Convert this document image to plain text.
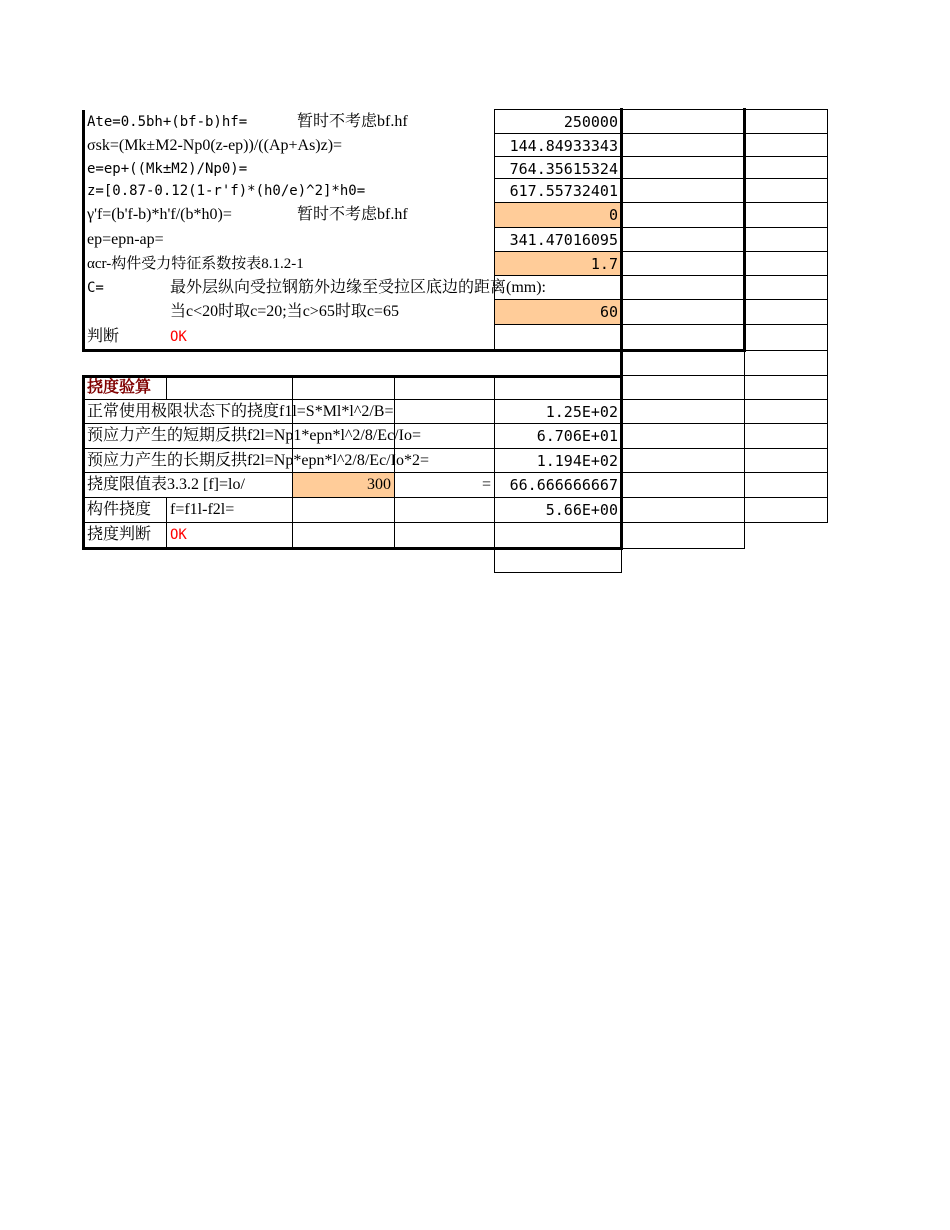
Ate=0.5bh+(bf-b)hf=	暂时不考虑bf.hf	250000
σsk=(Mk±M2-Np0(z-ep))/((Ap+As)z)=	144.84933343
e=ep+((Mk±M2)/Np0)=	764.35615324
z=[0.87-0.12(1-r'f)*(h0/e)^2]*h0=	617.55732401
γ'f=(b'f-b)*h'f/(b*h0)=	暂时不考虑bf.hf	0
ep=epn-ap=	341.47016095
αcr-构件受力特征系数按表8.1.2-1	1.7
C=	最外层纵向受拉钢筋外边缘至受拉区底边的距离(mm):
当c<20时取c=20;当c>65时取c=65	60
判断	OK
挠度验算
正常使用极限状态下的挠度f1l=S*Ml*l^2/B=	1.25E+02
预应力产生的短期反拱f2l=Np1*epn*l^2/8/Ec/Io=	6.706E+01
预应力产生的长期反拱f2l=Np*epn*l^2/8/Ec/Io*2=	1.194E+02
挠度限值表3.3.2 [f]=lo/	300	=	66.666666667
构件挠度 f=f1l-f2l=	5.66E+00
挠度判断 OK
